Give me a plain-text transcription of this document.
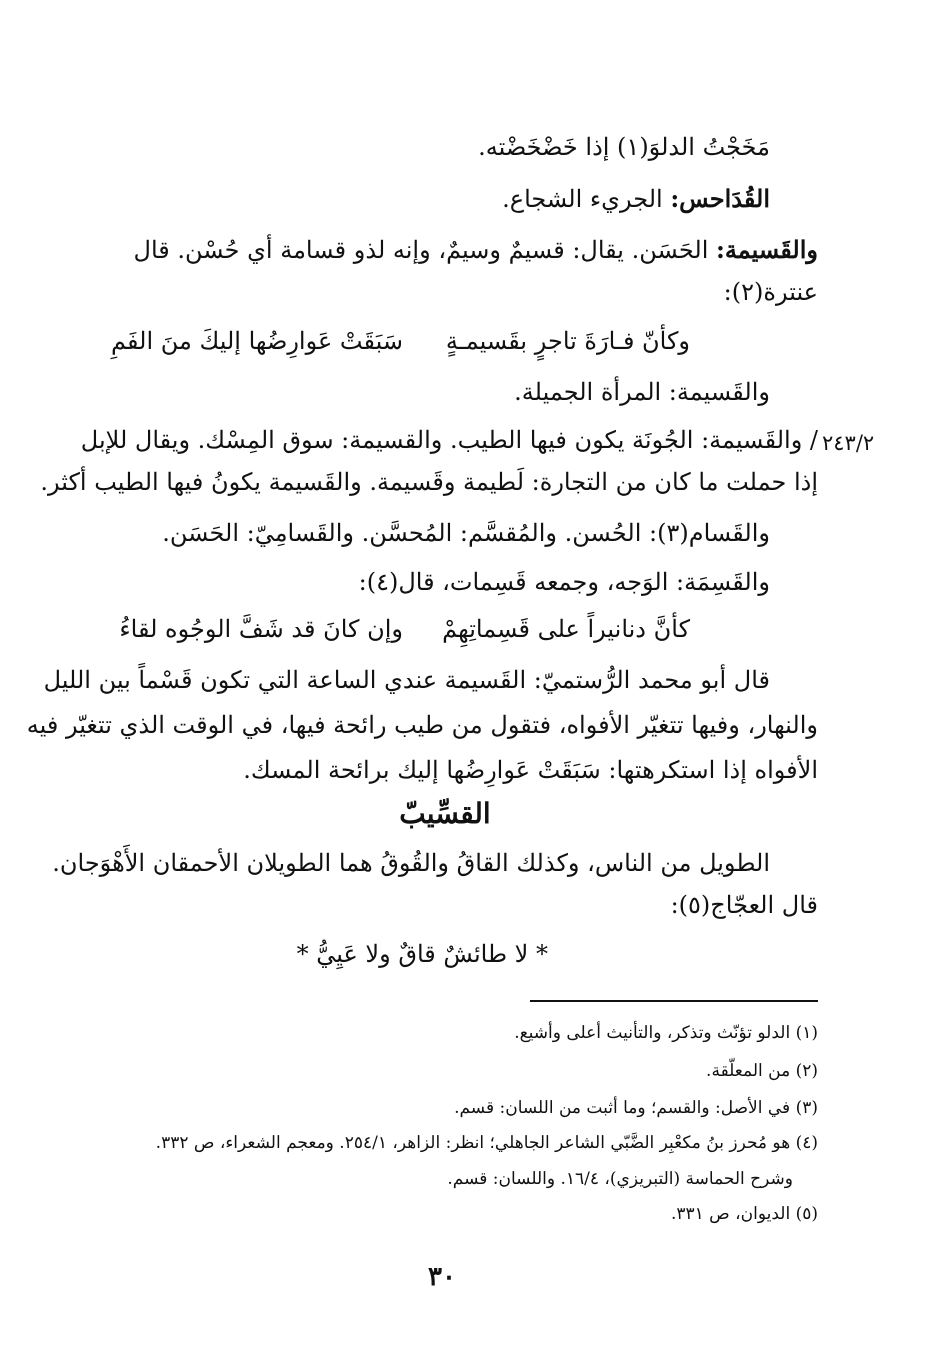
مَخَجْتُ الدلوَ(١) إذا خَضْخَضْته.
القُدَاحس: الجريء الشجاع.
والقَسيمة: الحَسَن. يقال: قسيمٌ وسيمٌ، وإنه لذو قسامة أي حُسْن. قال
عنترة(٢):
وكأنّ فـارَةَ تاجرٍ بقَسيمـةٍ
سَبَقَتْ عَوارِضُها إليكَ منَ الفَمِ
والقَسيمة: المرأة الجميلة.
٢٤٣/٢
/ والقَسيمة: الجُونَة يكون فيها الطيب. والقسيمة: سوق المِسْك. ويقال للإبل
إذا حملت ما كان من التجارة: لَطيمة وقَسيمة. والقَسيمة يكونُ فيها الطيب أكثر.
والقَسام(٣): الحُسن. والمُقسَّم: المُحسَّن. والقَسامِيّ: الحَسَن.
والقَسِمَة: الوَجه، وجمعه قَسِمات، قال(٤):
كأنَّ دنانيراً على قَسِماتِهِمْ
وإن كانَ قد شَفَّ الوجُوه لقاءُ
قال أبو محمد الرُّستميّ: القَسيمة عندي الساعة التي تكون قَسْماً بين الليل
والنهار، وفيها تتغيّر الأفواه، فتقول من طيب رائحة فيها، في الوقت الذي تتغيّر فيه
الأفواه إذا استكرهتها: سَبَقَتْ عَوارِضُها إليك برائحة المسك.
القسِّيبّ
الطويل من الناس، وكذلك القاقُ والقُوقُ هما الطويلان الأحمقان الأَهْوَجان.
قال العجّاج(٥):
* لا طائشٌ قاقٌ ولا عَيِيُّ *
(١) الدلو تؤنّث وتذكر، والتأنيث أعلى وأشيع.
(٢) من المعلّقة.
(٣) في الأصل: والقسم؛ وما أثبت من اللسان: قسم.
(٤) هو مُحرز بنُ مكعْبِر الضَّبّي الشاعر الجاهلي؛ انظر: الزاهر، ٢٥٤/١. ومعجم الشعراء، ص ٣٣٢.
وشرح الحماسة (التبريزي)، ١٦/٤. واللسان: قسم.
(٥) الديوان، ص ٣٣١.
٣٠
